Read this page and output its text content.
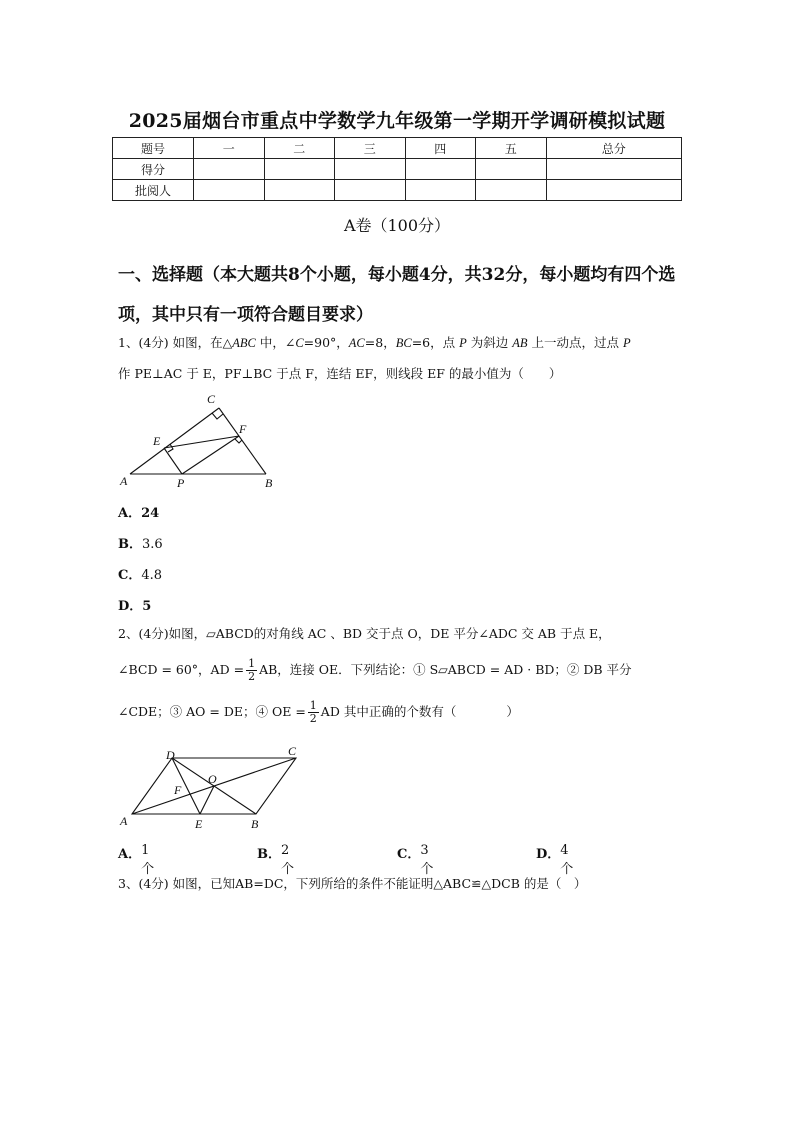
2025届烟台市重点中学数学九年级第一学期开学调研模拟试题
题号	一	二	三	四	五	总分
得分						
批阅人						
A卷（100分）
一、选择题（本大题共8个小题，每小题4分，共32分，每小题均有四个选项，其中只有一项符合题目要求）
1、(4分) 如图，在△ABC 中，∠C=90°，AC=8，BC=6，点 P 为斜边 AB 上一动点，过点 P
作 PE⊥AC 于 E，PF⊥BC 于点 F，连结 EF，则线段 EF 的最小值为（　　）
A	B
C
E
F
P
A．24
B．3.6
C．4.8
D．5
2、(4分)如图，▱ABCD的对角线 AC 、BD 交于点 O，DE 平分∠ADC 交 AB 于点 E，
∠BCD = 60°，AD = $\frac{1}{2}$ AB，连接 OE．下列结论：① S▱ABCD = AD · BD；② DB 平分
∠CDE；③ AO = DE；④ OE = $\frac{1}{2}$ AD 其中正确的个数有（　　　　）
A	B
C
D
E
F
O
A． 1个
B． 2个
C． 3个
D． 4个
3、(4分) 如图，已知AB=DC，下列所给的条件不能证明△ABC≌△DCB 的是（　）
